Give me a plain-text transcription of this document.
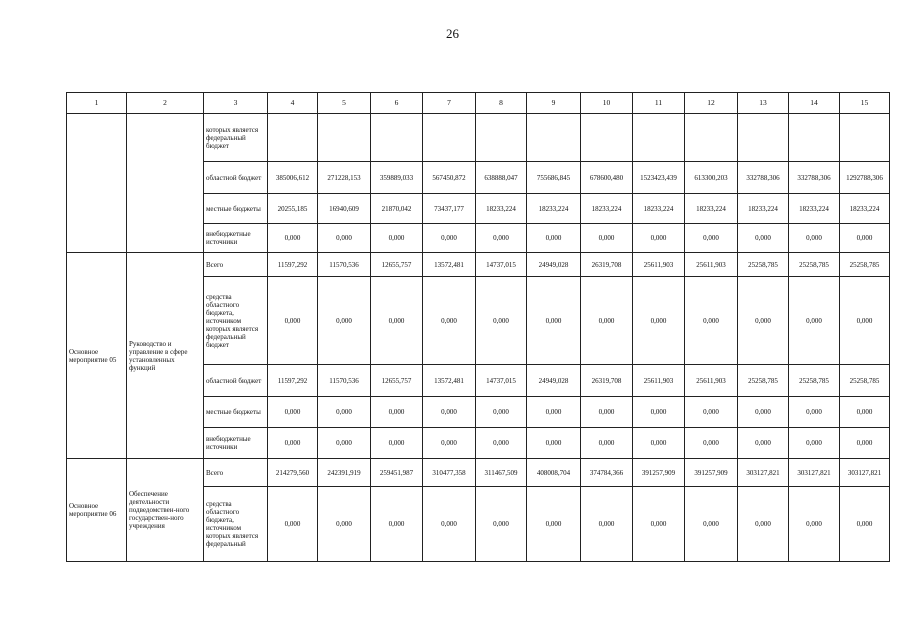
26
1	2	3	4	5	6	7	8	9	10	11	12	13	14	15
		которых является федеральный бюджет												
		областной бюджет	385006,612	271228,153	359889,033	567450,872	638888,047	755686,845	678600,480	1523423,439	613300,203	332788,306	332788,306	1292788,306
		местные бюджеты	20255,185	16940,609	21870,042	73437,177	18233,224	18233,224	18233,224	18233,224	18233,224	18233,224	18233,224	18233,224
		внебюджетные источники	0,000	0,000	0,000	0,000	0,000	0,000	0,000	0,000	0,000	0,000	0,000	0,000
Основное мероприятие 05	Руководство и управление в сфере установленных функций	Всего	11597,292	11570,536	12655,757	13572,481	14737,015	24949,028	26319,708	25611,903	25611,903	25258,785	25258,785	25258,785
		средства областного бюджета, источником которых является федеральный бюджет	0,000	0,000	0,000	0,000	0,000	0,000	0,000	0,000	0,000	0,000	0,000	0,000
		областной бюджет	11597,292	11570,536	12655,757	13572,481	14737,015	24949,028	26319,708	25611,903	25611,903	25258,785	25258,785	25258,785
		местные бюджеты	0,000	0,000	0,000	0,000	0,000	0,000	0,000	0,000	0,000	0,000	0,000	0,000
		внебюджетные источники	0,000	0,000	0,000	0,000	0,000	0,000	0,000	0,000	0,000	0,000	0,000	0,000
Основное мероприятие 06	Обеспечение деятельности подведомствен-ного государствен-ного учреждения	Всего	214279,560	242391,919	259451,987	310477,358	311467,509	408008,704	374784,366	391257,909	391257,909	303127,821	303127,821	303127,821
		средства областного бюджета, источником которых является федеральный	0,000	0,000	0,000	0,000	0,000	0,000	0,000	0,000	0,000	0,000	0,000	0,000
